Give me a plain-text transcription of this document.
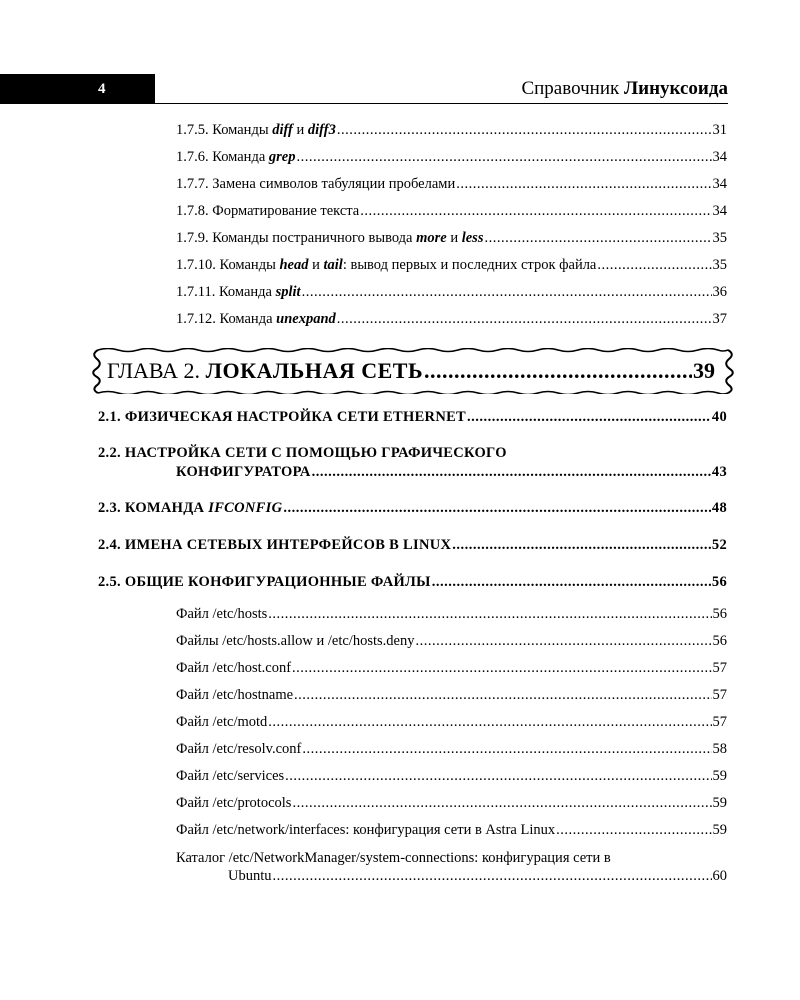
4	Справочник Линуксоида
1.7.5. Команды diff и diff3 .....	31
1.7.6. Команда grep .....	34
1.7.7. Замена символов табуляции пробелами .....	34
1.7.8. Форматирование текста .....	34
1.7.9. Команды постраничного вывода more и less .....	35
1.7.10. Команды head и tail: вывод первых и последних строк файла .....	35
1.7.11. Команда split .....	36
1.7.12. Команда unexpand .....	37
ГЛАВА 2. ЛОКАЛЬНАЯ СЕТЬ .....	39
2.1. ФИЗИЧЕСКАЯ НАСТРОЙКА СЕТИ ETHERNET .....	40
2.2. НАСТРОЙКА СЕТИ С ПОМОЩЬЮ ГРАФИЧЕСКОГО
КОНФИГУРАТОРА .....	43
2.3. КОМАНДА IFCONFIG .....	48
2.4. ИМЕНА СЕТЕВЫХ ИНТЕРФЕЙСОВ В LINUX .....	52
2.5. ОБЩИЕ КОНФИГУРАЦИОННЫЕ ФАЙЛЫ .....	56
Файл /etc/hosts .....	56
Файлы /etc/hosts.allow и /etc/hosts.deny .....	56
Файл /etc/host.conf .....	57
Файл /etc/hostname .....	57
Файл /etc/motd .....	57
Файл /etc/resolv.conf .....	58
Файл /etc/services .....	59
Файл /etc/protocols .....	59
Файл /etc/network/interfaces: конфигурация сети в Astra Linux .....	59
Каталог /etc/NetworkManager/system-connections: конфигурация сети в
Ubuntu .....	60
